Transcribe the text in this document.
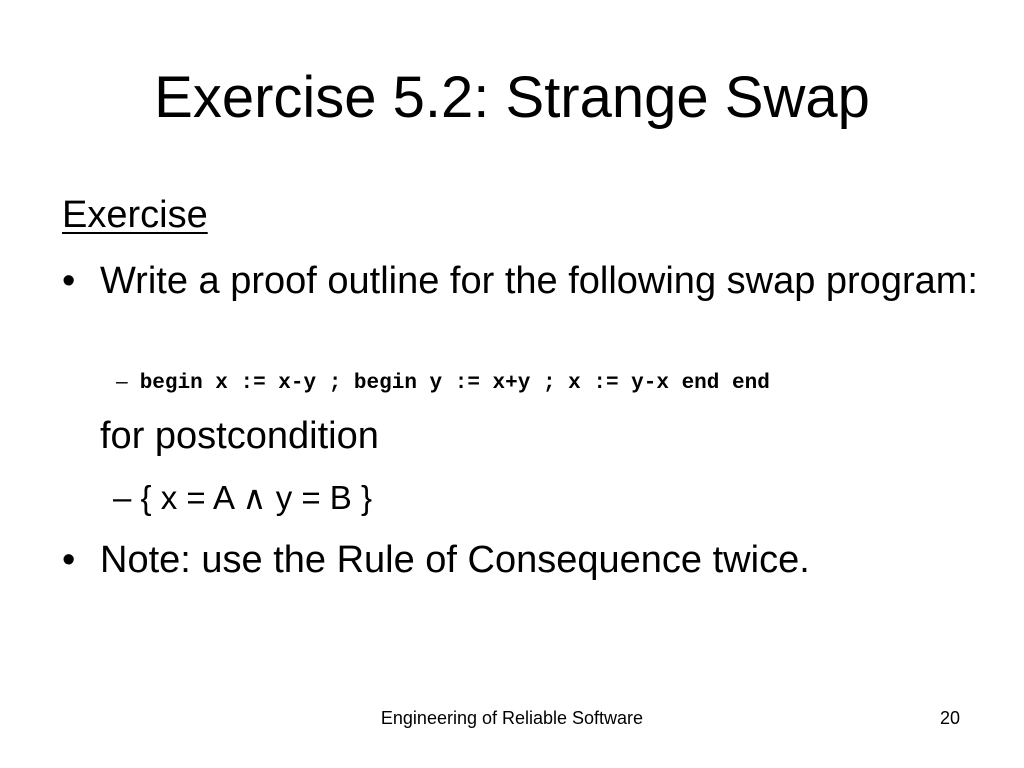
Exercise 5.2: Strange Swap
Exercise
• Write a proof outline for the following swap program:
– begin x := x-y ; begin y := x+y ; x := y-x end end
for postcondition
– { x = A ∧ y = B }
• Note: use the Rule of Consequence twice.
Engineering of Reliable Software	20
